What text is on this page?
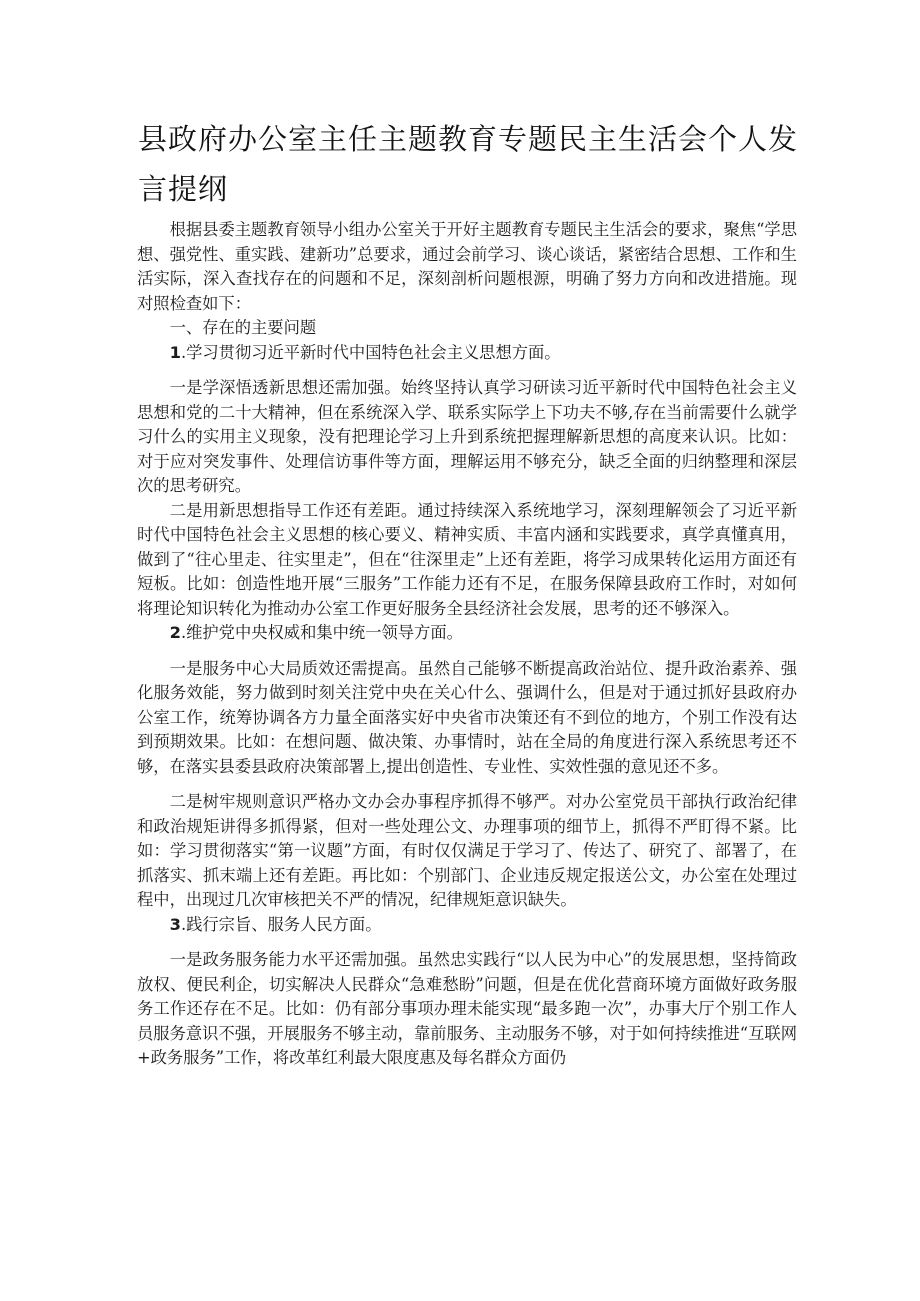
县政府办公室主任主题教育专题民主生活会个人发言提纲

根据县委主题教育领导小组办公室关于开好主题教育专题民主生活会的要求，聚焦“学思想、强党性、重实践、建新功”总要求，通过会前学习、谈心谈话，紧密结合思想、工作和生活实际，深入查找存在的问题和不足，深刻剖析问题根源，明确了努力方向和改进措施。现对照检查如下：

一、存在的主要问题

1.学习贯彻习近平新时代中国特色社会主义思想方面。

一是学深悟透新思想还需加强。始终坚持认真学习研读习近平新时代中国特色社会主义思想和党的二十大精神，但在系统深入学、联系实际学上下功夫不够,存在当前需要什么就学习什么的实用主义现象，没有把理论学习上升到系统把握理解新思想的高度来认识。比如：对于应对突发事件、处理信访事件等方面，理解运用不够充分，缺乏全面的归纳整理和深层次的思考研究。

二是用新思想指导工作还有差距。通过持续深入系统地学习，深刻理解领会了习近平新时代中国特色社会主义思想的核心要义、精神实质、丰富内涵和实践要求，真学真懂真用，做到了“往心里走、往实里走”，但在“往深里走”上还有差距，将学习成果转化运用方面还有短板。比如：创造性地开展“三服务”工作能力还有不足，在服务保障县政府工作时，对如何将理论知识转化为推动办公室工作更好服务全县经济社会发展，思考的还不够深入。

2.维护党中央权威和集中统一领导方面。

一是服务中心大局质效还需提高。虽然自己能够不断提高政治站位、提升政治素养、强化服务效能，努力做到时刻关注党中央在关心什么、强调什么，但是对于通过抓好县政府办公室工作，统筹协调各方力量全面落实好中央省市决策还有不到位的地方，个别工作没有达到预期效果。比如：在想问题、做决策、办事情时，站在全局的角度进行深入系统思考还不够，在落实县委县政府决策部署上,提出创造性、专业性、实效性强的意见还不多。

二是树牢规则意识严格办文办会办事程序抓得不够严。对办公室党员干部执行政治纪律和政治规矩讲得多抓得紧，但对一些处理公文、办理事项的细节上，抓得不严盯得不紧。比如：学习贯彻落实“第一议题”方面，有时仅仅满足于学习了、传达了、研究了、部署了，在抓落实、抓末端上还有差距。再比如：个别部门、企业违反规定报送公文，办公室在处理过程中，出现过几次审核把关不严的情况，纪律规矩意识缺失。

3.践行宗旨、服务人民方面。

一是政务服务能力水平还需加强。虽然忠实践行“以人民为中心”的发展思想，坚持简政放权、便民利企，切实解决人民群众“急难愁盼”问题，但是在优化营商环境方面做好政务服务工作还存在不足。比如：仍有部分事项办理未能实现“最多跑一次”，办事大厅个别工作人员服务意识不强，开展服务不够主动，靠前服务、主动服务不够，对于如何持续推进“互联网+政务服务”工作，将改革红利最大限度惠及每名群众方面仍
